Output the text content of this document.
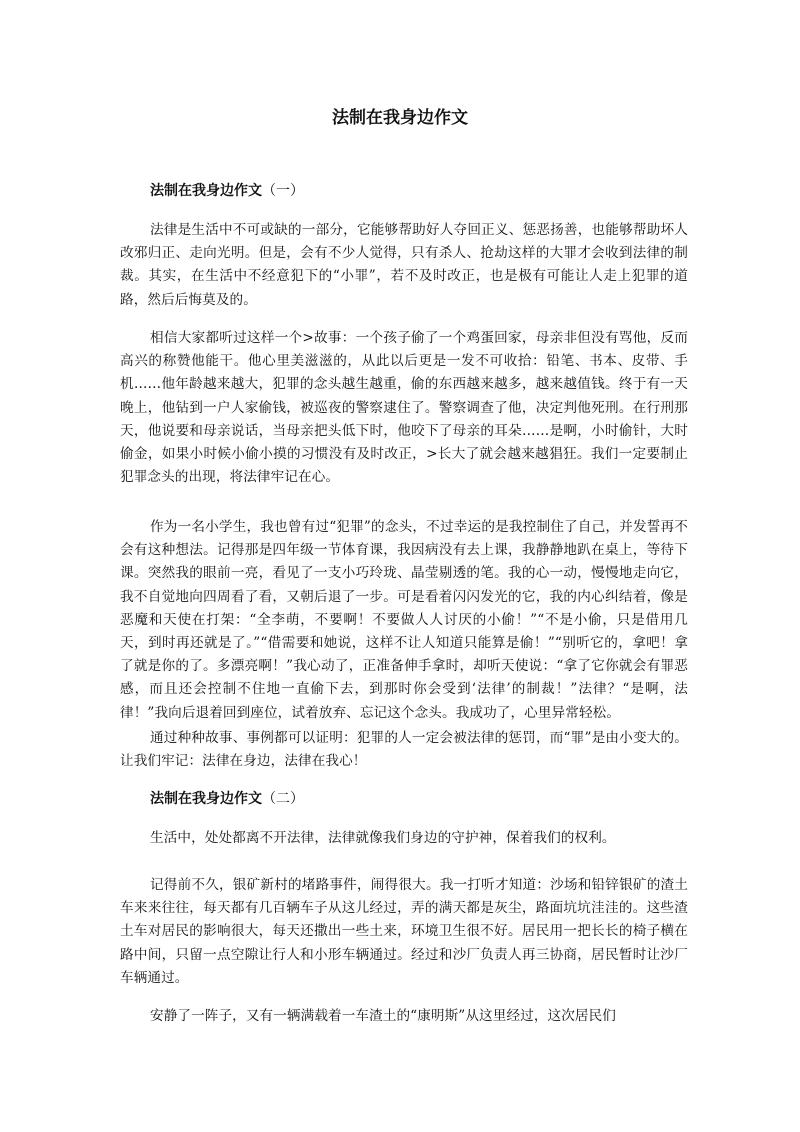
法制在我身边作文
法制在我身边作文（一）
法律是生活中不可或缺的一部分，它能够帮助好人夺回正义、惩恶扬善，也能够帮助坏人改邪归正、走向光明。但是，会有不少人觉得，只有杀人、抢劫这样的大罪才会收到法律的制裁。其实，在生活中不经意犯下的“小罪”，若不及时改正，也是极有可能让人走上犯罪的道路，然后后悔莫及的。
相信大家都听过这样一个>故事：一个孩子偷了一个鸡蛋回家，母亲非但没有骂他，反而高兴的称赞他能干。他心里美滋滋的，从此以后更是一发不可收拾：铅笔、书本、皮带、手机……他年龄越来越大，犯罪的念头越生越重，偷的东西越来越多，越来越值钱。终于有一天晚上，他钻到一户人家偷钱，被巡夜的警察逮住了。警察调查了他，决定判他死刑。在行刑那天，他说要和母亲说话，当母亲把头低下时，他咬下了母亲的耳朵……是啊，小时偷针，大时偷金，如果小时候小偷小摸的习惯没有及时改正，>长大了就会越来越猖狂。我们一定要制止犯罪念头的出现，将法律牢记在心。
作为一名小学生，我也曾有过“犯罪”的念头，不过幸运的是我控制住了自己，并发誓再不会有这种想法。记得那是四年级一节体育课，我因病没有去上课，我静静地趴在桌上，等待下课。突然我的眼前一亮，看见了一支小巧玲珑、晶莹剔透的笔。我的心一动，慢慢地走向它，我不自觉地向四周看了看，又朝后退了一步。可是看着闪闪发光的它，我的内心纠结着，像是恶魔和天使在打架：“全李萌，不要啊！不要做人人讨厌的小偷！”“不是小偷，只是借用几天，到时再还就是了。”“借需要和她说，这样不让人知道只能算是偷！”“别听它的，拿吧！拿了就是你的了。多漂亮啊！”我心动了，正准备伸手拿时，却听天使说：“拿了它你就会有罪恶感，而且还会控制不住地一直偷下去，到那时你会受到‘法律’的制裁！”法律？“是啊，法律！”我向后退着回到座位，试着放弃、忘记这个念头。我成功了，心里异常轻松。
通过种种故事、事例都可以证明：犯罪的人一定会被法律的惩罚，而“罪”是由小变大的。让我们牢记：法律在身边，法律在我心！
法制在我身边作文（二）
生活中，处处都离不开法律，法律就像我们身边的守护神，保着我们的权利。
记得前不久，银矿新村的堵路事件，闹得很大。我一打听才知道：沙场和铅锌银矿的渣土车来来往往，每天都有几百辆车子从这儿经过，弄的满天都是灰尘，路面坑坑洼洼的。这些渣土车对居民的影响很大，每天还撒出一些土来，环境卫生很不好。居民用一把长长的椅子横在路中间，只留一点空隙让行人和小形车辆通过。经过和沙厂负责人再三协商，居民暂时让沙厂车辆通过。
安静了一阵子，又有一辆满载着一车渣土的“康明斯”从这里经过，这次居民们
